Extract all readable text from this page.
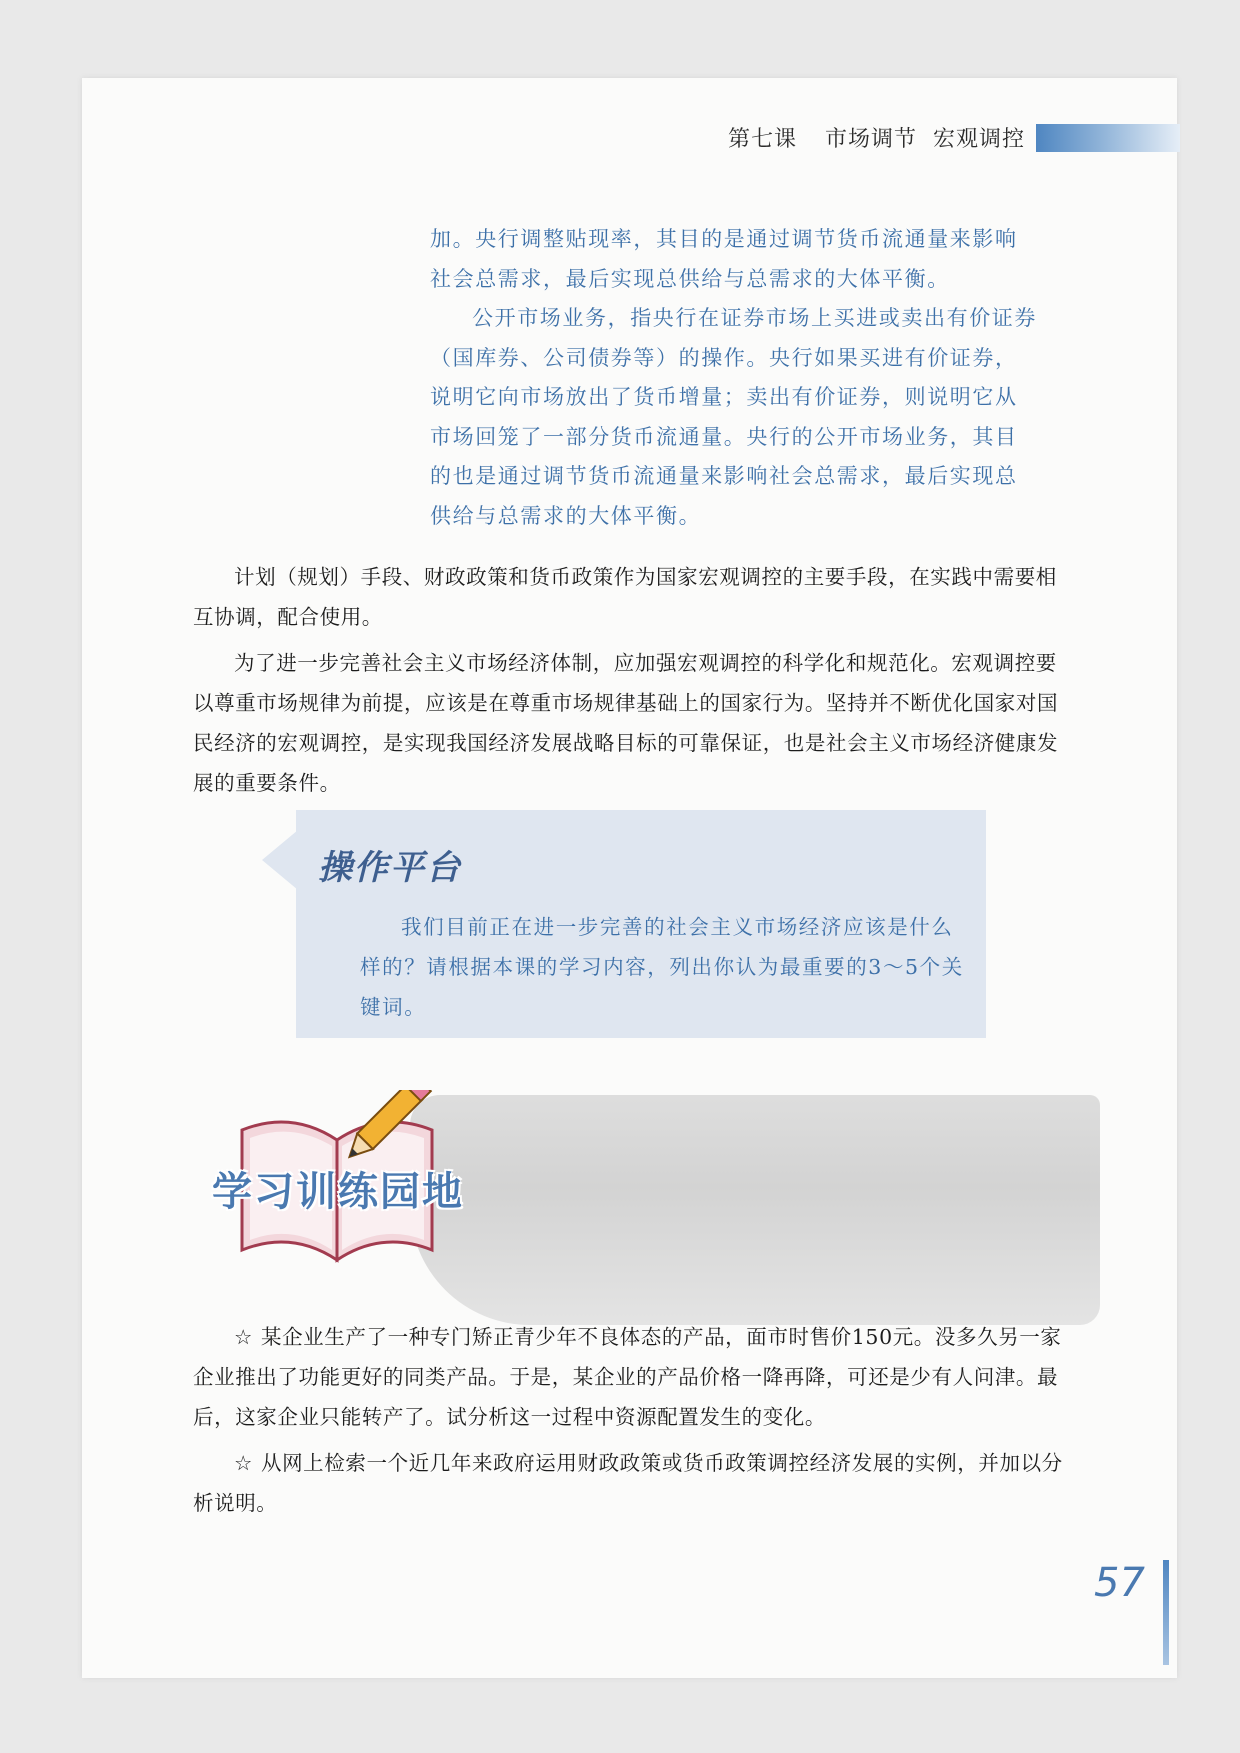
第七课 市场调节 宏观调控

加。央行调整贴现率，其目的是通过调节货币流通量来影响社会总需求，最后实现总供给与总需求的大体平衡。

公开市场业务，指央行在证券市场上买进或卖出有价证券（国库券、公司债券等）的操作。央行如果买进有价证券，说明它向市场放出了货币增量；卖出有价证券，则说明它从市场回笼了一部分货币流通量。央行的公开市场业务，其目的也是通过调节货币流通量来影响社会总需求，最后实现总供给与总需求的大体平衡。

计划（规划）手段、财政政策和货币政策作为国家宏观调控的主要手段，在实践中需要相互协调，配合使用。

为了进一步完善社会主义市场经济体制，应加强宏观调控的科学化和规范化。宏观调控要以尊重市场规律为前提，应该是在尊重市场规律基础上的国家行为。坚持并不断优化国家对国民经济的宏观调控，是实现我国经济发展战略目标的可靠保证，也是社会主义市场经济健康发展的重要条件。

操作平台

我们目前正在进一步完善的社会主义市场经济应该是什么样的？请根据本课的学习内容，列出你认为最重要的3～5个关键词。

学习训练园地

☆ 某企业生产了一种专门矫正青少年不良体态的产品，面市时售价150元。没多久另一家企业推出了功能更好的同类产品。于是，某企业的产品价格一降再降，可还是少有人问津。最后，这家企业只能转产了。试分析这一过程中资源配置发生的变化。

☆ 从网上检索一个近几年来政府运用财政政策或货币政策调控经济发展的实例，并加以分析说明。

57
